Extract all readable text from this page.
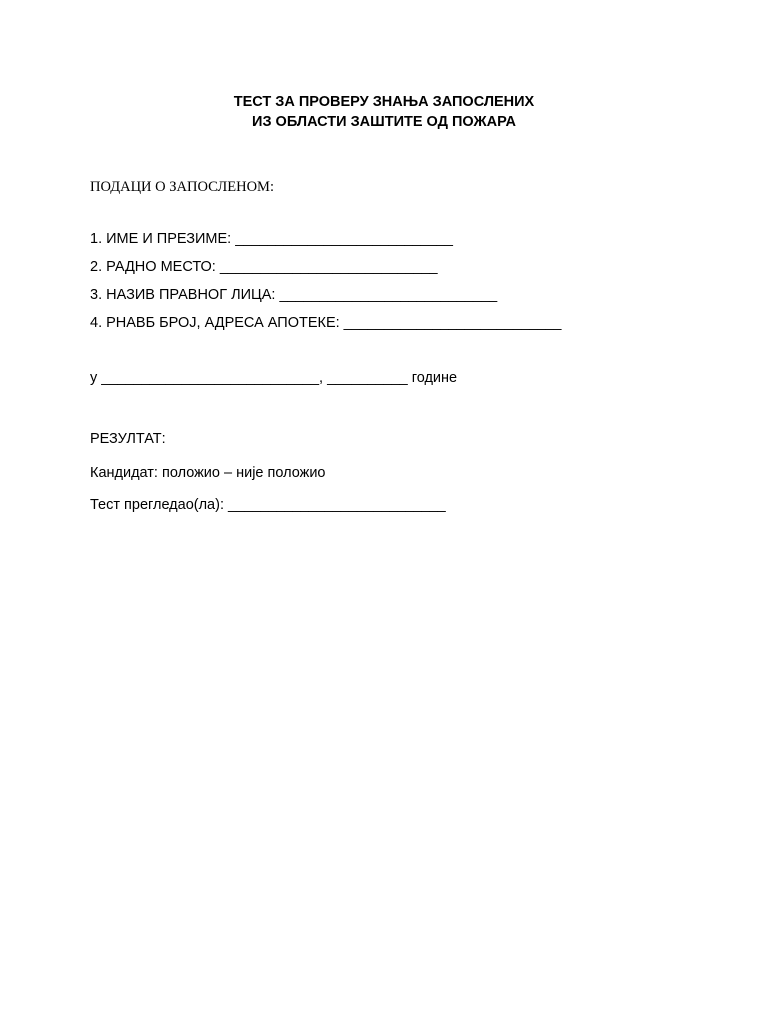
ТЕСТ ЗА ПРОВЕРУ ЗНАЊА ЗАПОСЛЕНИХ
ИЗ ОБЛАСТИ ЗАШТИТЕ ОД ПОЖАРА
ПОДАЦИ О ЗАПОСЛЕНОМ:
1. ИМЕ И ПРЕЗИМЕ: ___________________________
2. РАДНО МЕСТО: ___________________________
3. НАЗИВ ПРАВНОГ ЛИЦА: ___________________________
4. РНАВБ БРОЈ, АДРЕСА АПОТЕКЕ: ___________________________
у ___________________________, __________ године
РЕЗУЛТАТ:
Кандидат: положио – није положио
Тест прегледао(ла): ___________________________
